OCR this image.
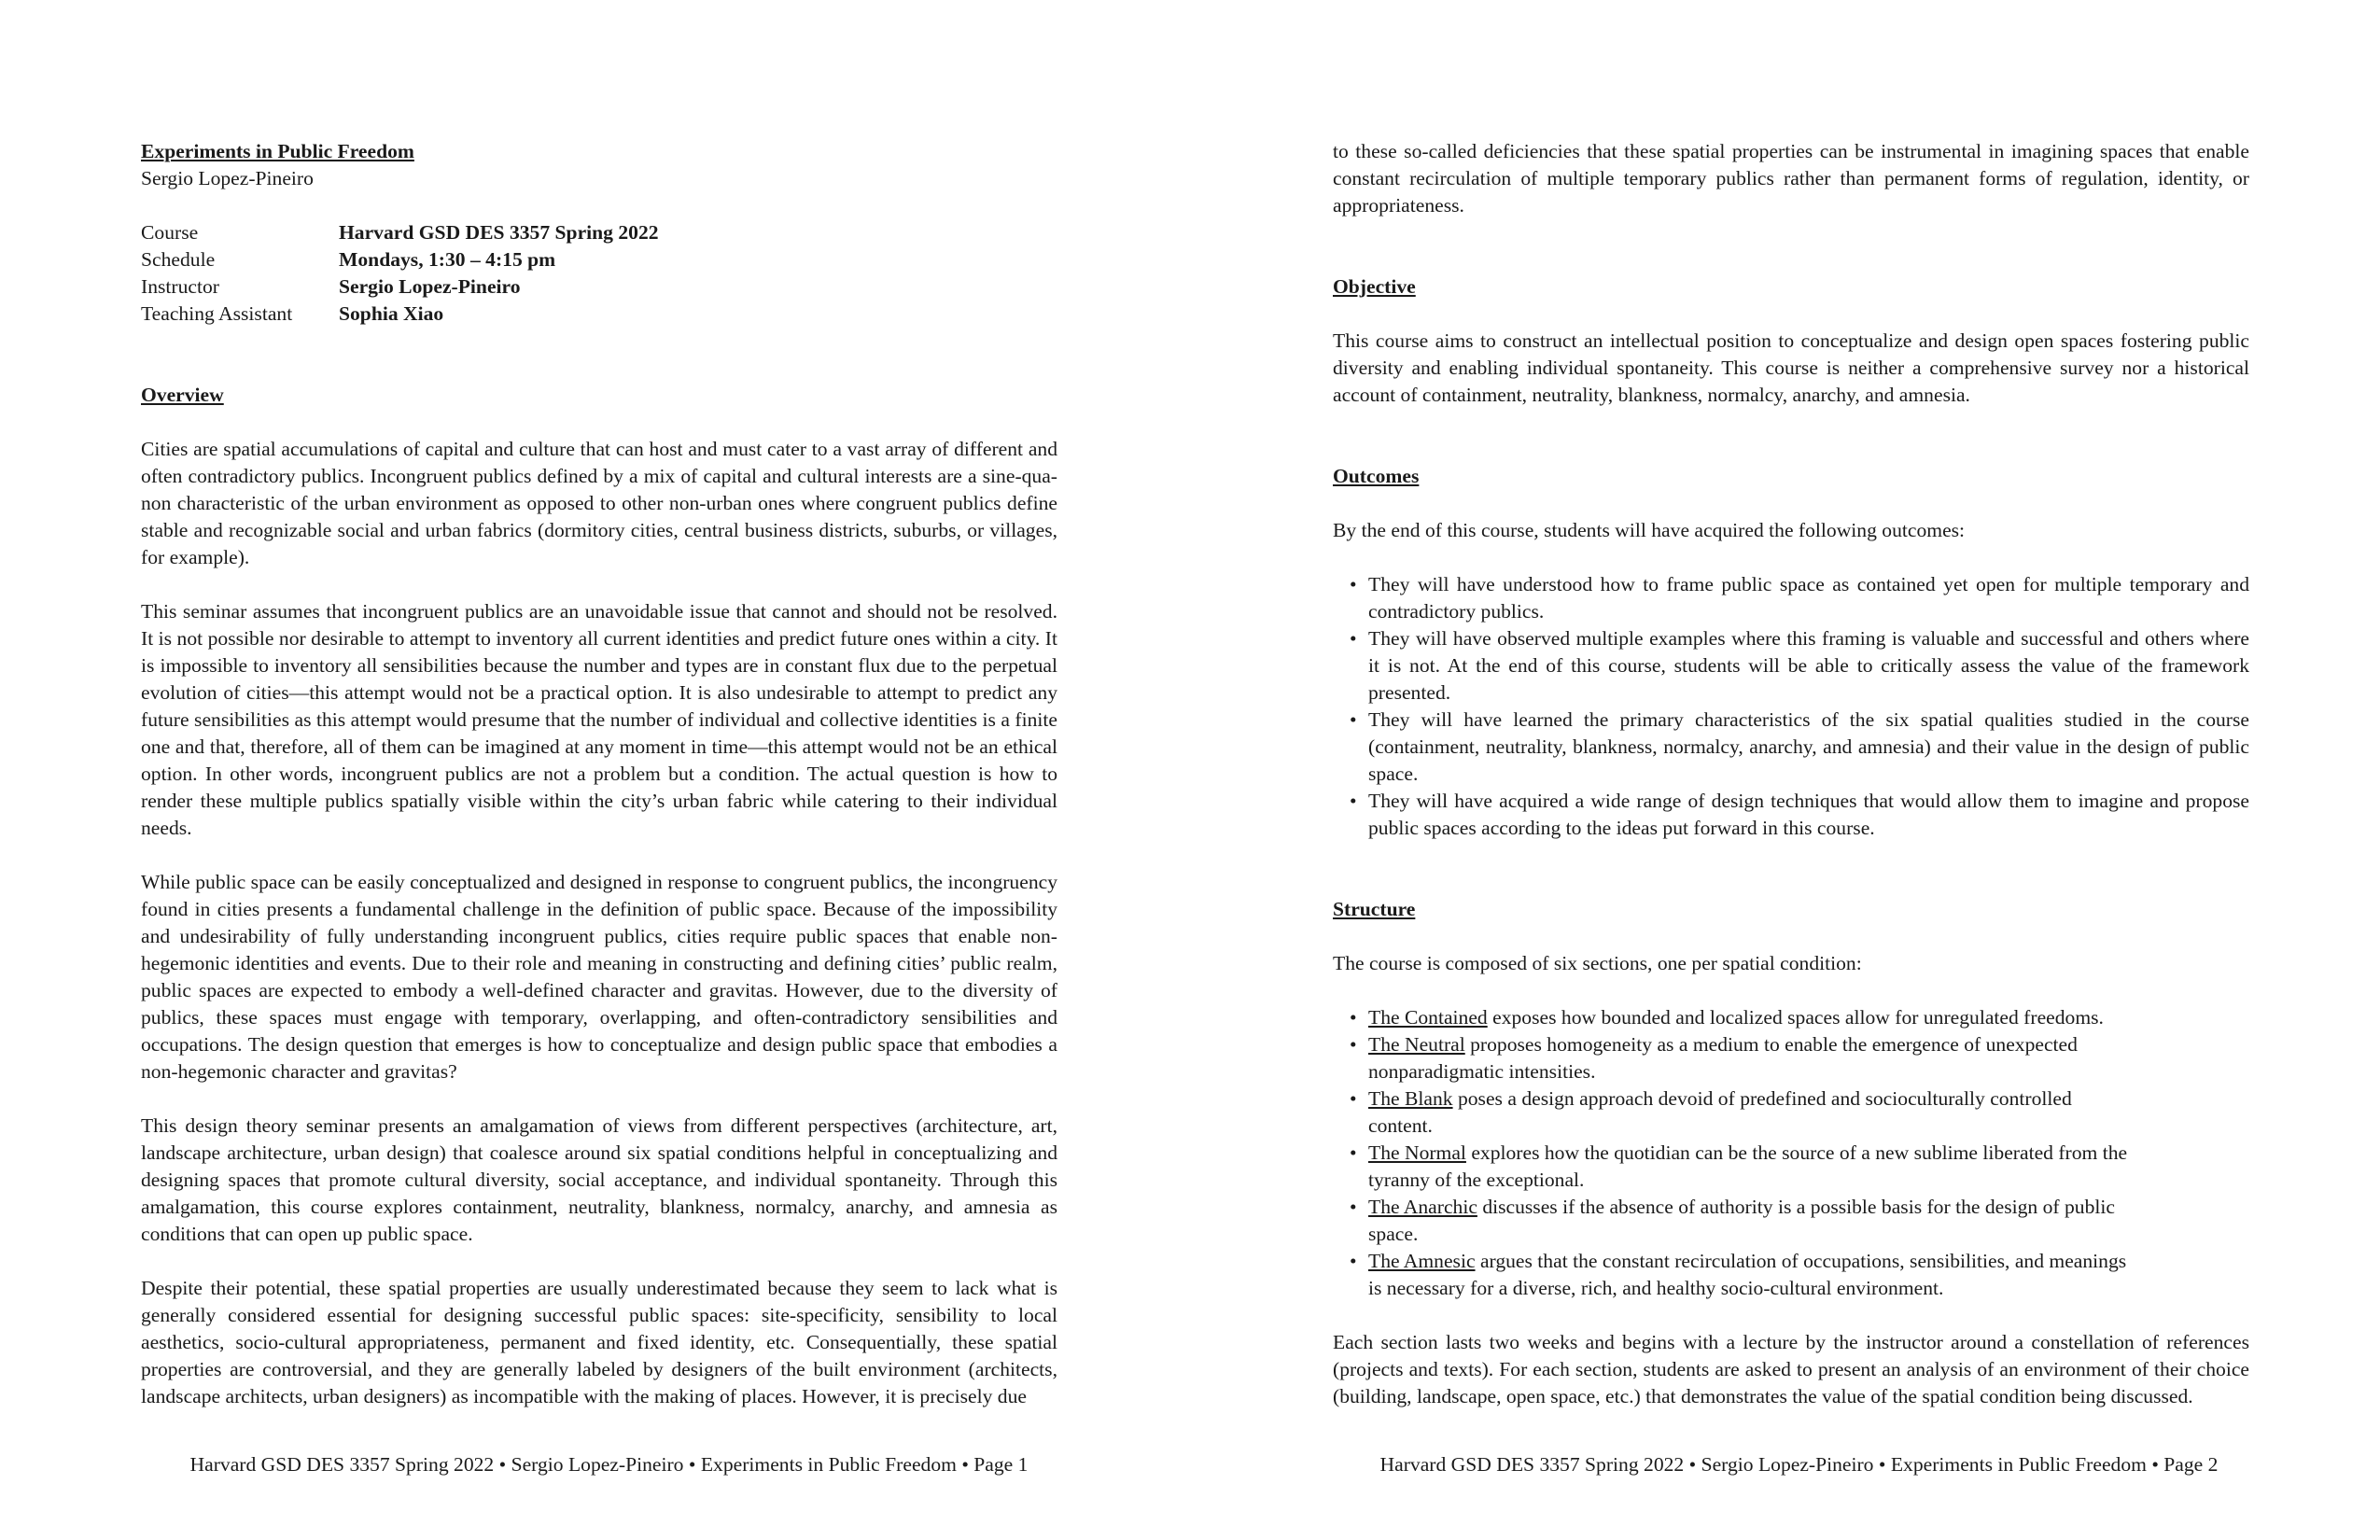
Experiments in Public Freedom
Sergio Lopez-Pineiro
Course	Harvard GSD DES 3357 Spring 2022
Schedule	Mondays, 1:30 – 4:15 pm
Instructor	Sergio Lopez-Pineiro
Teaching Assistant	Sophia Xiao

Overview

Cities are spatial accumulations of capital and culture that can host and must cater to a vast array of different and often contradictory publics. Incongruent publics defined by a mix of capital and cultural interests are a sine-qua-non characteristic of the urban environment as opposed to other non-urban ones where congruent publics define stable and recognizable social and urban fabrics (dormitory cities, central business districts, suburbs, or villages, for example).

This seminar assumes that incongruent publics are an unavoidable issue that cannot and should not be resolved. It is not possible nor desirable to attempt to inventory all current identities and predict future ones within a city. It is impossible to inventory all sensibilities because the number and types are in constant flux due to the perpetual evolution of cities—this attempt would not be a practical option. It is also undesirable to attempt to predict any future sensibilities as this attempt would presume that the number of individual and collective identities is a finite one and that, therefore, all of them can be imagined at any moment in time—this attempt would not be an ethical option. In other words, incongruent publics are not a problem but a condition. The actual question is how to render these multiple publics spatially visible within the city’s urban fabric while catering to their individual needs.

While public space can be easily conceptualized and designed in response to congruent publics, the incongruency found in cities presents a fundamental challenge in the definition of public space. Because of the impossibility and undesirability of fully understanding incongruent publics, cities require public spaces that enable non-hegemonic identities and events. Due to their role and meaning in constructing and defining cities’ public realm, public spaces are expected to embody a well-defined character and gravitas. However, due to the diversity of publics, these spaces must engage with temporary, overlapping, and often-contradictory sensibilities and occupations. The design question that emerges is how to conceptualize and design public space that embodies a non-hegemonic character and gravitas?

This design theory seminar presents an amalgamation of views from different perspectives (architecture, art, landscape architecture, urban design) that coalesce around six spatial conditions helpful in conceptualizing and designing spaces that promote cultural diversity, social acceptance, and individual spontaneity. Through this amalgamation, this course explores containment, neutrality, blankness, normalcy, anarchy, and amnesia as conditions that can open up public space.

Despite their potential, these spatial properties are usually underestimated because they seem to lack what is generally considered essential for designing successful public spaces: site-specificity, sensibility to local aesthetics, socio-cultural appropriateness, permanent and fixed identity, etc. Consequentially, these spatial properties are controversial, and they are generally labeled by designers of the built environment (architects, landscape architects, urban designers) as incompatible with the making of places. However, it is precisely due

Harvard GSD DES 3357 Spring 2022 • Sergio Lopez-Pineiro • Experiments in Public Freedom • Page 1

to these so-called deficiencies that these spatial properties can be instrumental in imagining spaces that enable constant recirculation of multiple temporary publics rather than permanent forms of regulation, identity, or appropriateness.

Objective

This course aims to construct an intellectual position to conceptualize and design open spaces fostering public diversity and enabling individual spontaneity. This course is neither a comprehensive survey nor a historical account of containment, neutrality, blankness, normalcy, anarchy, and amnesia.

Outcomes

By the end of this course, students will have acquired the following outcomes:

• They will have understood how to frame public space as contained yet open for multiple temporary and contradictory publics.
• They will have observed multiple examples where this framing is valuable and successful and others where it is not. At the end of this course, students will be able to critically assess the value of the framework presented.
• They will have learned the primary characteristics of the six spatial qualities studied in the course (containment, neutrality, blankness, normalcy, anarchy, and amnesia) and their value in the design of public space.
• They will have acquired a wide range of design techniques that would allow them to imagine and propose public spaces according to the ideas put forward in this course.

Structure

The course is composed of six sections, one per spatial condition:

• The Contained exposes how bounded and localized spaces allow for unregulated freedoms.
• The Neutral proposes homogeneity as a medium to enable the emergence of unexpected nonparadigmatic intensities.
• The Blank poses a design approach devoid of predefined and socioculturally controlled content.
• The Normal explores how the quotidian can be the source of a new sublime liberated from the tyranny of the exceptional.
• The Anarchic discusses if the absence of authority is a possible basis for the design of public space.
• The Amnesic argues that the constant recirculation of occupations, sensibilities, and meanings is necessary for a diverse, rich, and healthy socio-cultural environment.

Each section lasts two weeks and begins with a lecture by the instructor around a constellation of references (projects and texts). For each section, students are asked to present an analysis of an environment of their choice (building, landscape, open space, etc.) that demonstrates the value of the spatial condition being discussed.

Harvard GSD DES 3357 Spring 2022 • Sergio Lopez-Pineiro • Experiments in Public Freedom • Page 2
